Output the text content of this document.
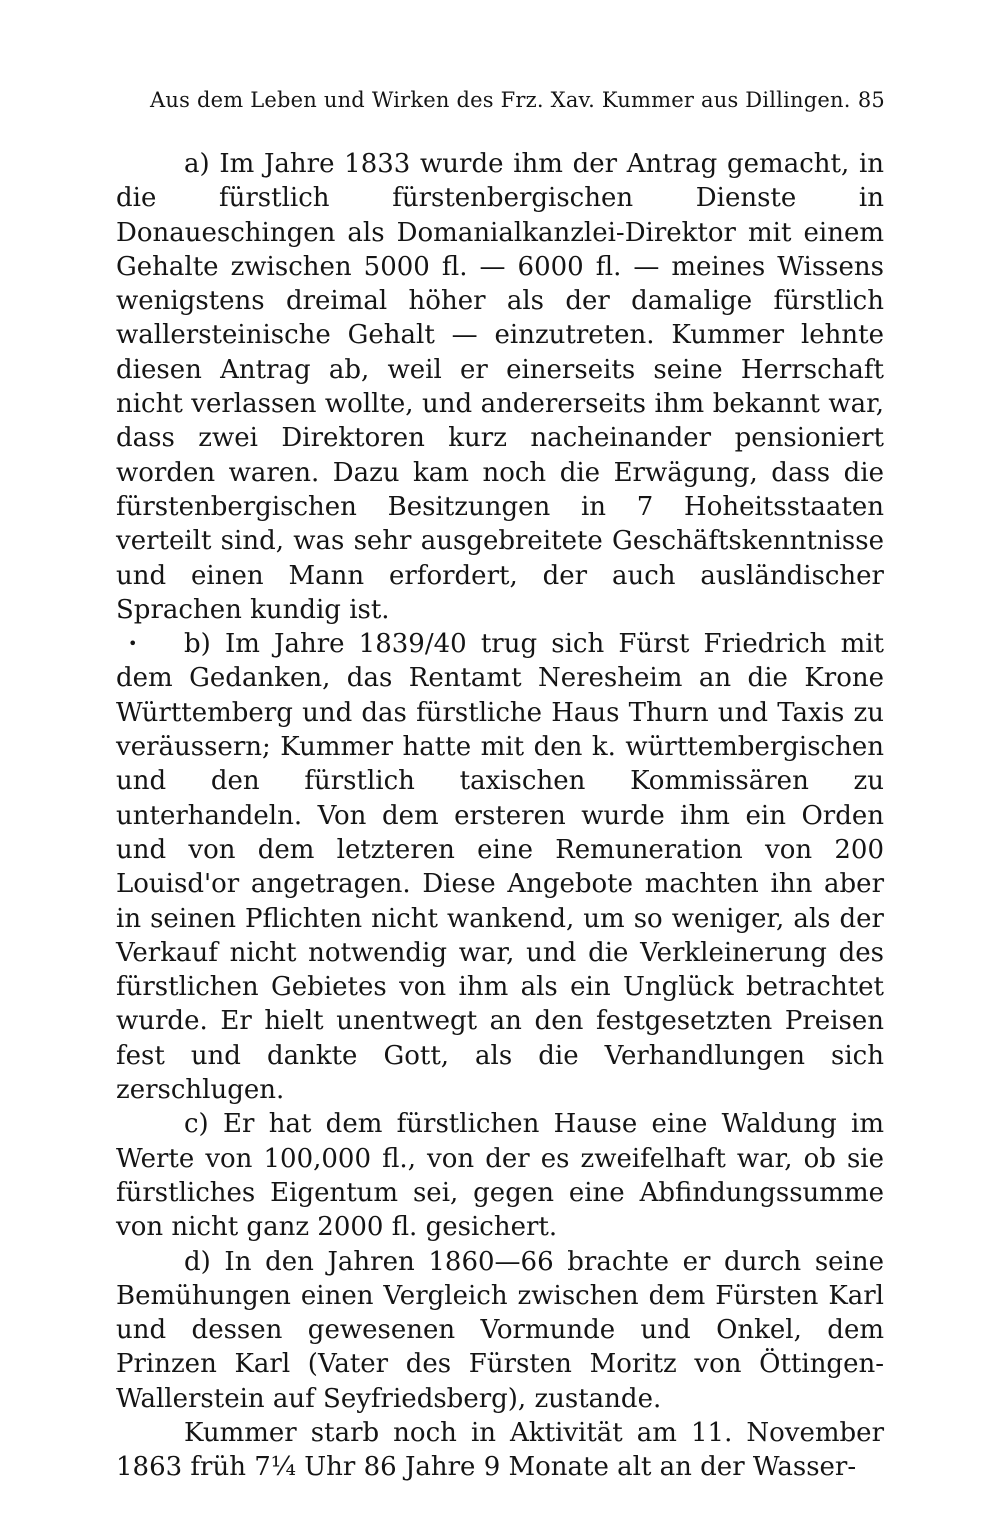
Aus dem Leben und Wirken des Frz. Xav. Kummer aus Dillingen. 85

a) Im Jahre 1833 wurde ihm der Antrag gemacht, in die fürstlich fürstenbergischen Dienste in Donaueschingen als Domanialkanzlei-Direktor mit einem Gehalte zwischen 5000 fl. — 6000 fl. — meines Wissens wenigstens dreimal höher als der damalige fürstlich wallersteinische Gehalt — einzutreten. Kummer lehnte diesen Antrag ab, weil er einerseits seine Herrschaft nicht verlassen wollte, und andererseits ihm bekannt war, dass zwei Direktoren kurz nacheinander pensioniert worden waren. Dazu kam noch die Erwägung, dass die fürstenbergischen Besitzungen in 7 Hoheitsstaaten verteilt sind, was sehr ausgebreitete Geschäftskenntnisse und einen Mann erfordert, der auch ausländischer Sprachen kundig ist.

• b) Im Jahre 1839/40 trug sich Fürst Friedrich mit dem Gedanken, das Rentamt Neresheim an die Krone Württemberg und das fürstliche Haus Thurn und Taxis zu veräussern; Kummer hatte mit den k. württembergischen und den fürstlich taxischen Kommissären zu unterhandeln. Von dem ersteren wurde ihm ein Orden und von dem letzteren eine Remuneration von 200 Louisd'or angetragen. Diese Angebote machten ihn aber in seinen Pflichten nicht wankend, um so weniger, als der Verkauf nicht notwendig war, und die Verkleinerung des fürstlichen Gebietes von ihm als ein Unglück betrachtet wurde. Er hielt unentwegt an den festgesetzten Preisen fest und dankte Gott, als die Verhandlungen sich zerschlugen.

c) Er hat dem fürstlichen Hause eine Waldung im Werte von 100,000 fl., von der es zweifelhaft war, ob sie fürstliches Eigentum sei, gegen eine Abfindungssumme von nicht ganz 2000 fl. gesichert.

d) In den Jahren 1860—66 brachte er durch seine Bemühungen einen Vergleich zwischen dem Fürsten Karl und dessen gewesenen Vormunde und Onkel, dem Prinzen Karl (Vater des Fürsten Moritz von Öttingen-Wallerstein auf Seyfriedsberg), zustande.

Kummer starb noch in Aktivität am 11. November 1863 früh 7¼ Uhr 86 Jahre 9 Monate alt an der Wasser-
